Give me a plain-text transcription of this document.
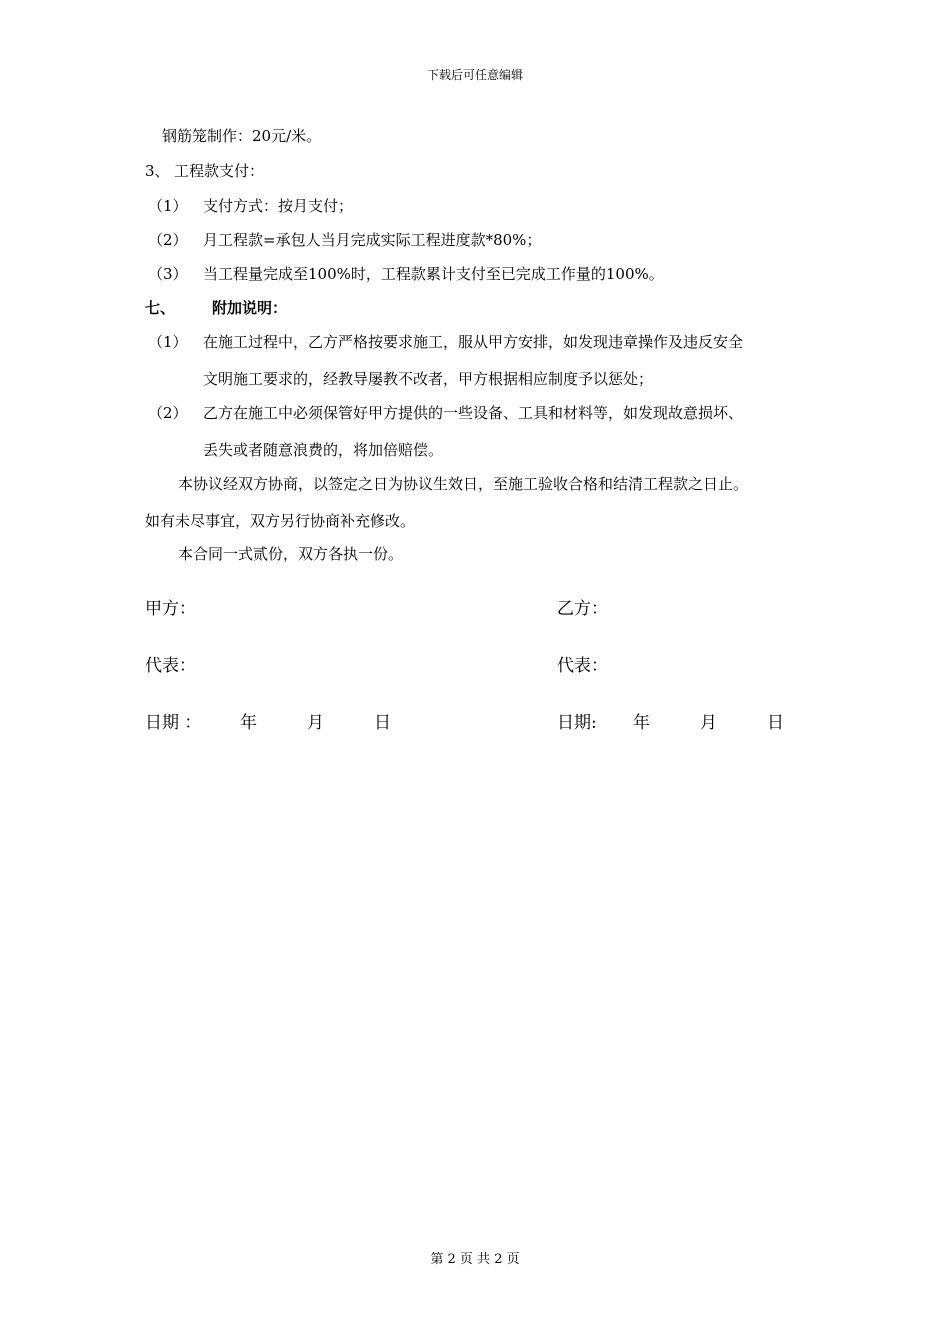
下载后可任意编辑
钢筋笼制作：20元/米。
3、 工程款支付：
（1） 支付方式：按月支付；
（2） 月工程款=承包人当月完成实际工程进度款*80%；
（3） 当工程量完成至100%时，工程款累计支付至已完成工作量的100%。
七、 附加说明：
（1） 在施工过程中，乙方严格按要求施工，服从甲方安排，如发现违章操作及违反安全
文明施工要求的，经教导屡教不改者，甲方根据相应制度予以惩处；
（2） 乙方在施工中必须保管好甲方提供的一些设备、工具和材料等，如发现故意损坏、
丢失或者随意浪费的，将加倍赔偿。
本协议经双方协商，以签定之日为协议生效日，至施工验收合格和结清工程款之日止。
如有未尽事宜，双方另行协商补充修改。
本合同一式贰份，双方各执一份。
甲方：	乙方：
代表：	代表：
日期 ： 年	月	日	日期: 年	月	日
第 2 页 共 2 页
